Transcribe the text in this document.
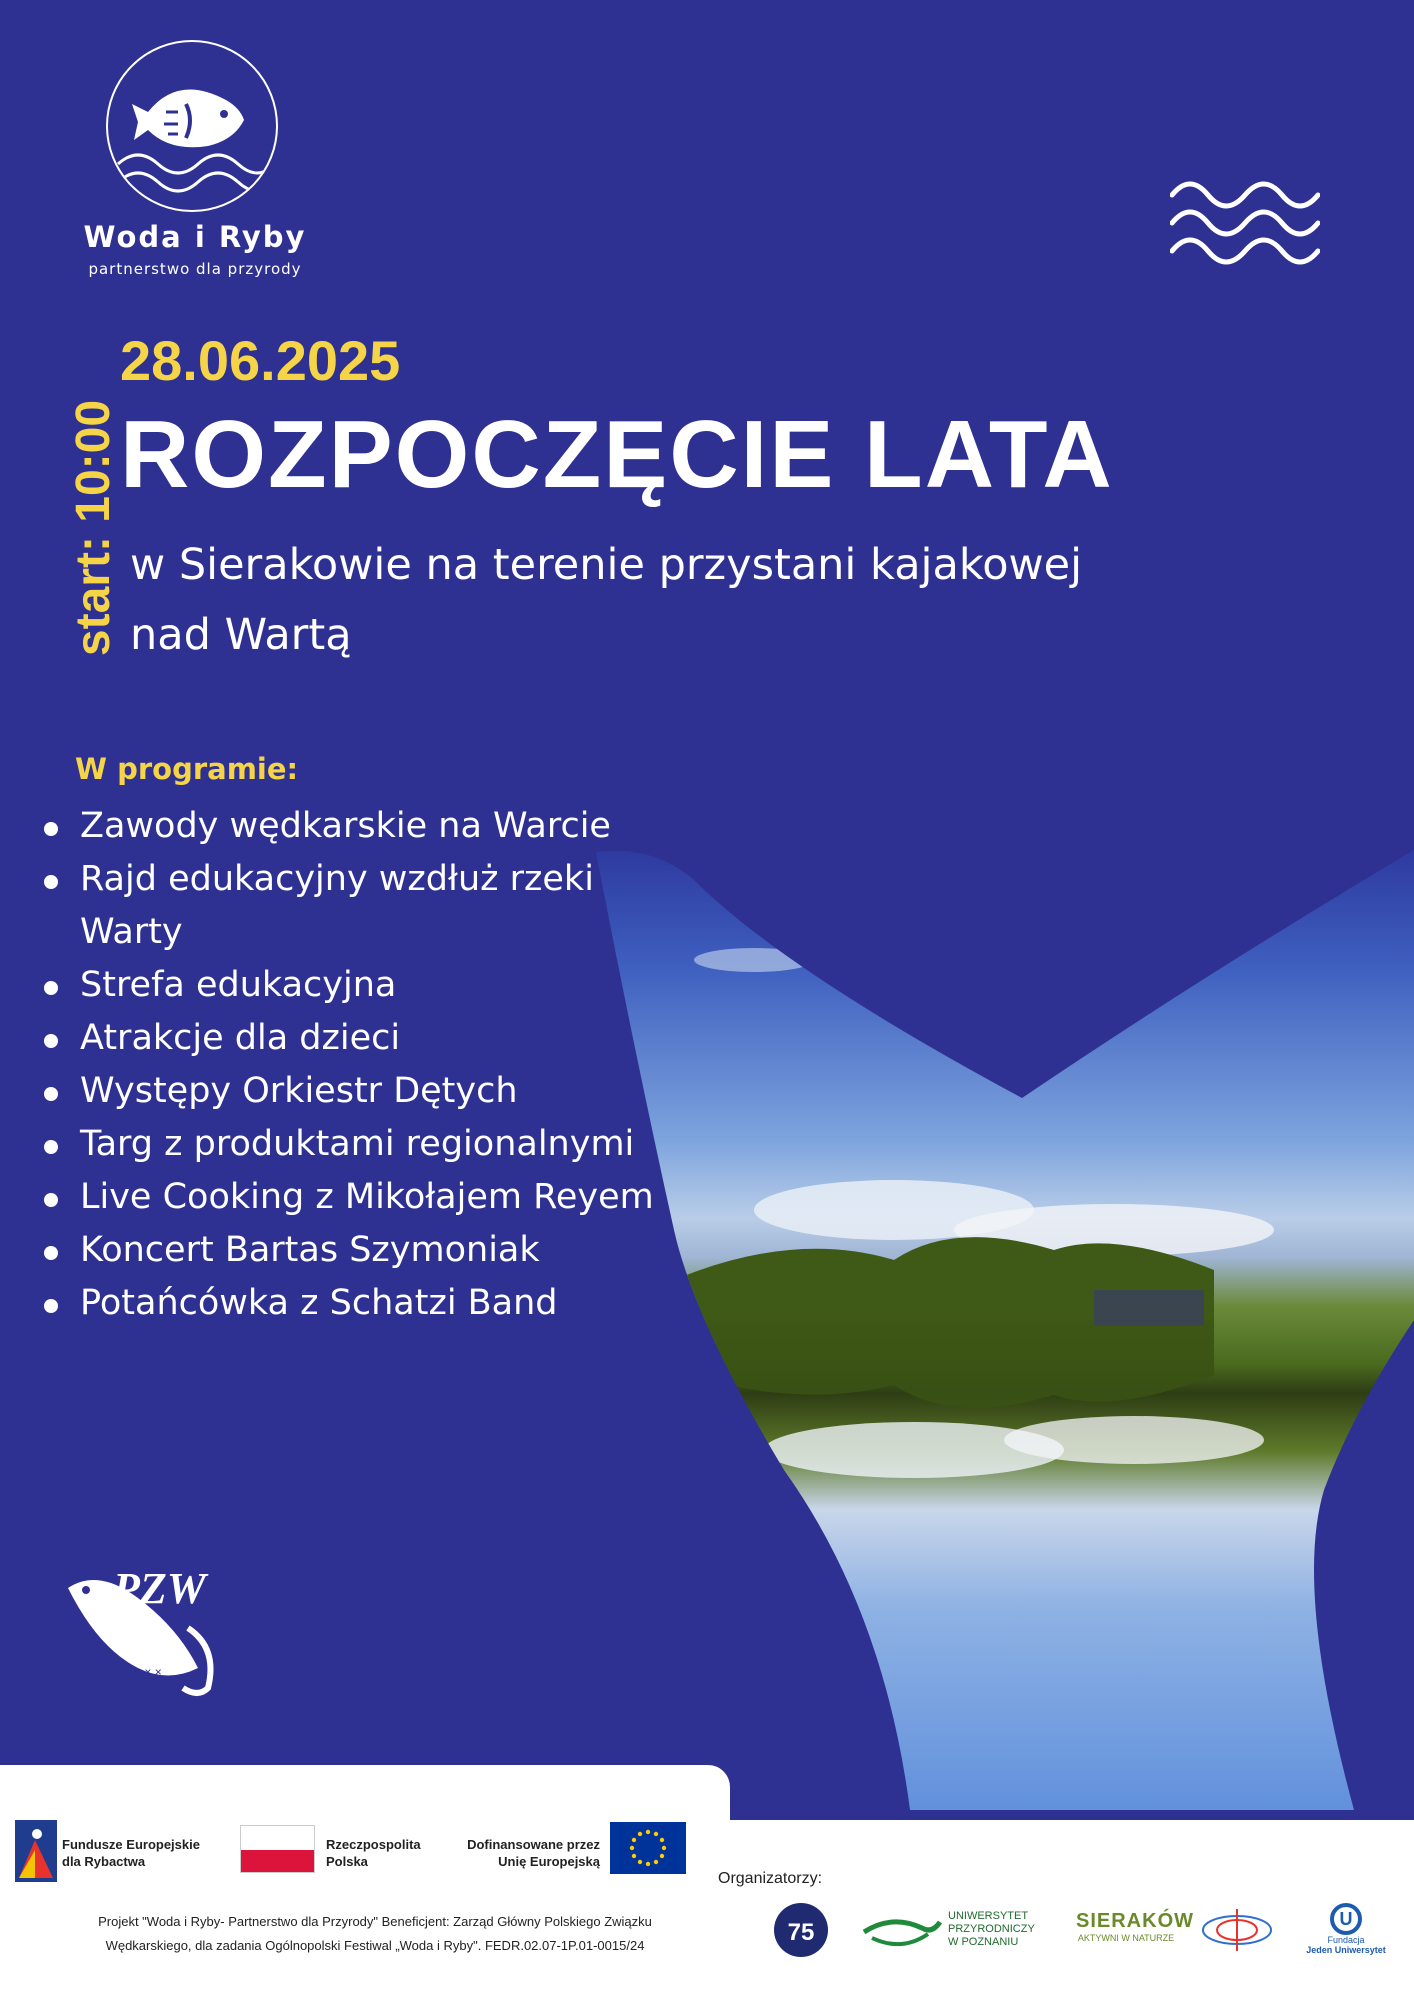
Woda i Ryby
partnerstwo dla przyrody
start: 10:00
28.06.2025
ROZPOCZĘCIE LATA
w Sierakowie na terenie przystani kajakowej
nad Wartą
W programie:
Zawody wędkarskie na Warcie
Rajd edukacyjny wzdłuż rzeki Warty
Strefa edukacyjna
Atrakcje dla dzieci
Występy Orkiestr Dętych
Targ z produktami regionalnymi
Live Cooking z Mikołajem Reyem
Koncert Bartas Szymoniak
Potańcówka z Schatzi Band
PZW
× × × × × ×
Fundusze Europejskie
dla Rybactwa
Rzeczpospolita
Polska
Dofinansowane przez
Unię Europejską
Projekt "Woda i Ryby- Partnerstwo dla Przyrody" Beneficjent: Zarząd Główny Polskiego Związku
Wędkarskiego, dla zadania Ogólnopolski Festiwal „Woda i Ryby". FEDR.02.07-1P.01-0015/24
Organizatorzy:
75
UNIWERSYTET
PRZYRODNICZY
W POZNANIU
SIERAKÓW
AKTYWNI W NATURZE
U
Fundacja
Jeden Uniwersytet
